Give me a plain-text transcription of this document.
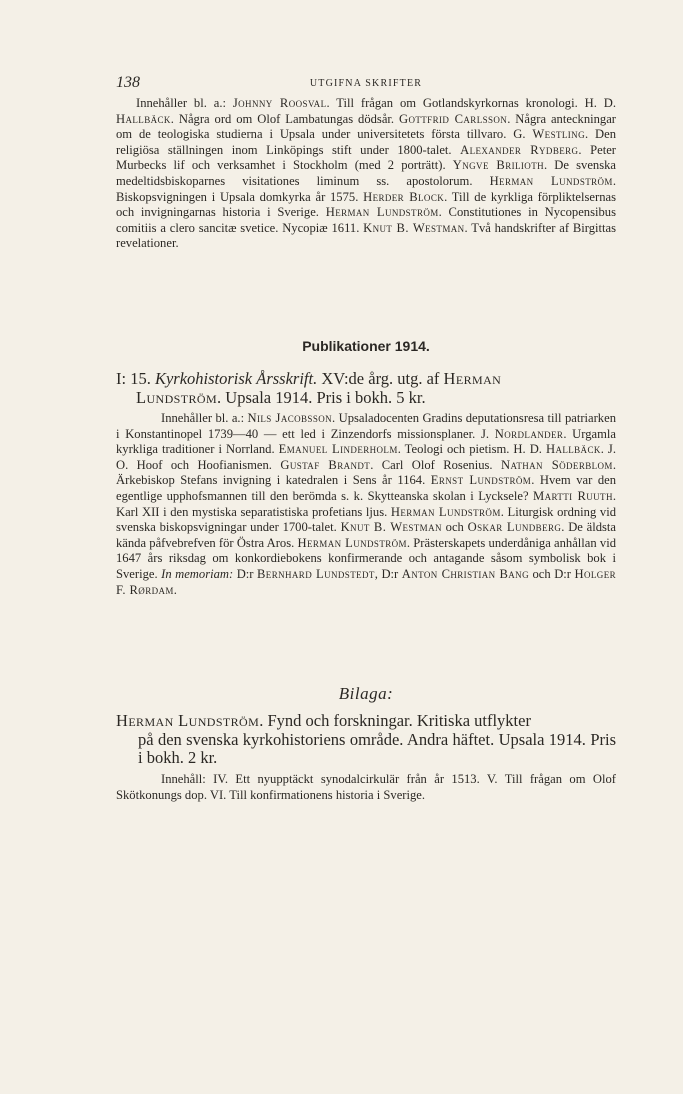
138	UTGIFNA SKRIFTER

Innehåller bl. a.: Johnny Roosval. Till frågan om Gotlandskyrkornas kronologi. H. D. Hallbäck. Några ord om Olof Lambatungas dödsår. Gottfrid Carlsson. Några anteckningar om de teologiska studierna i Upsala under universitetets första tillvaro. G. Westling. Den religiösa ställningen inom Linköpings stift under 1800-talet. Alexander Rydberg. Peter Murbecks lif och verksamhet i Stockholm (med 2 porträtt). Yngve Brilioth. De svenska medeltidsbiskoparnes visitationes liminum ss. apostolorum. Herman Lundström. Biskopsvigningen i Upsala domkyrka år 1575. Herder Block. Till de kyrkliga förpliktelsernas och invigningarnas historia i Sverige. Herman Lundström. Constitutiones in Nycopensibus comitiis a clero sancitæ svetice. Nycopiæ 1611. Knut B. Westman. Två handskrifter af Birgittas revelationer.

Publikationer 1914.
I: 15. Kyrkohistorisk Årsskrift. XV:de årg. utg. af Herman
Lundström. Upsala 1914. Pris i bokh. 5 kr.

Innehåller bl. a.: Nils Jacobsson. Upsaladocenten Gradins deputationsresa till patriarken i Konstantinopel 1739—40 — ett led i Zinzendorfs missionsplaner. J. Nordlander. Urgamla kyrkliga traditioner i Norrland. Emanuel Linderholm. Teologi och pietism. H. D. Hallbäck. J. O. Hoof och Hoofianismen. Gustaf Brandt. Carl Olof Rosenius. Nathan Söderblom. Ärkebiskop Stefans invigning i katedralen i Sens år 1164. Ernst Lundström. Hvem var den egentlige upphofsmannen till den berömda s. k. Skytteanska skolan i Lycksele? Martti Ruuth. Karl XII i den mystiska separatistiska profetians ljus. Herman Lundström. Liturgisk ordning vid svenska biskopsvigningar under 1700-talet. Knut B. Westman och Oskar Lundberg. De äldsta kända påfvebrefven för Östra Aros. Herman Lundström. Prästerskapets underdåniga anhållan vid 1647 års riksdag om konkordiebokens konfirmerande och antagande såsom symbolisk bok i Sverige. In memoriam: D:r Bernhard Lundstedt, D:r Anton Christian Bang och D:r Holger F. Rørdam.

Bilaga:
Herman Lundström. Fynd och forskningar. Kritiska utflykter
på den svenska kyrkohistoriens område. Andra häftet. Upsala 1914. Pris i bokh. 2 kr.

Innehåll: IV. Ett nyupptäckt synodalcirkulär från år 1513. V. Till frågan om Olof Skötkonungs dop. VI. Till konfirmationens historia i Sverige.
